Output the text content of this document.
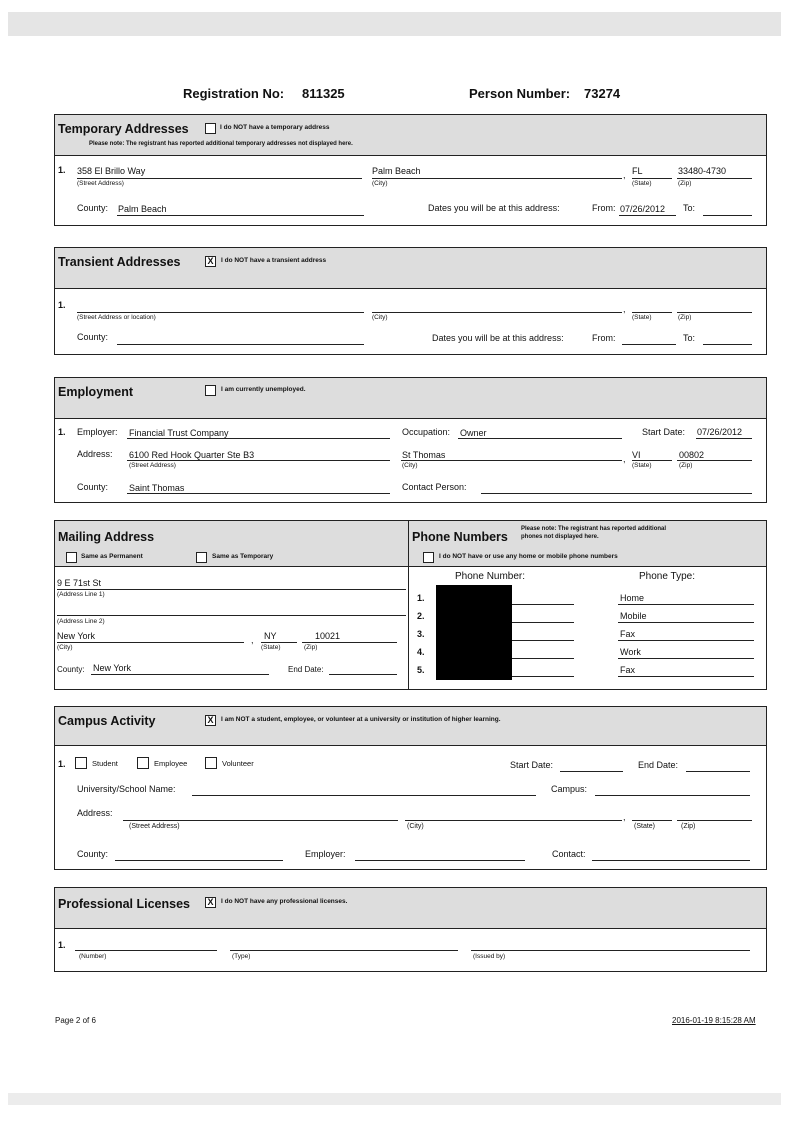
Registration No: 811325	Person Number: 73274
Temporary Addresses	I do NOT have a temporary address
Please note: The registrant has reported additional temporary addresses not displayed here.
1. 358 El Brillo Way
(Street Address)
Palm Beach
(City)
, FL
(State)
33480-4730
(Zip)
County: Palm Beach	Dates you will be at this address:	From: 07/26/2012 To:
Transient Addresses	X	I do NOT have a transient address
1.
(Street Address or location)	(City)
,
(State)	(Zip)
County:	Dates you will be at this address:	From:	To:
Employment	I am currently unemployed.
1. Employer: Financial Trust Company	Occupation: Owner	Start Date: 07/26/2012
Address: 6100 Red Hook Quarter Ste B3
(Street Address)
St Thomas
(City)
, VI
(State)
00802
(Zip)
County: Saint Thomas	Contact Person:
Mailing Address
Same as Permanent	Same as Temporary
9 E 71st St
(Address Line 1)
(Address Line 2)
New York
(City)
, NY
(State)
10021
(Zip)
County: New York	End Date:
Phone Numbers
Please note: The registrant has reported additional
phones not displayed here.
I do NOT have or use any home or mobile phone numbers
Phone Number:	Phone Type:
1.	Home
2.	Mobile
3.	Fax
4.	Work
5.	Fax
Campus Activity	X	I am NOT a student, employee, or volunteer at a university or institution of higher learning.
1.	Student	Employee	Volunteer	Start Date:	End Date:
University/School Name:	Campus:
Address:
(Street Address)	(City)
,
(State)	(Zip)
County:	Employer:	Contact:
Professional Licenses X	I do NOT have any professional licenses.
1.
(Number)	(Type)	(Issued by)
Page 2 of 6	2016-01-19 8:15:28 AM
